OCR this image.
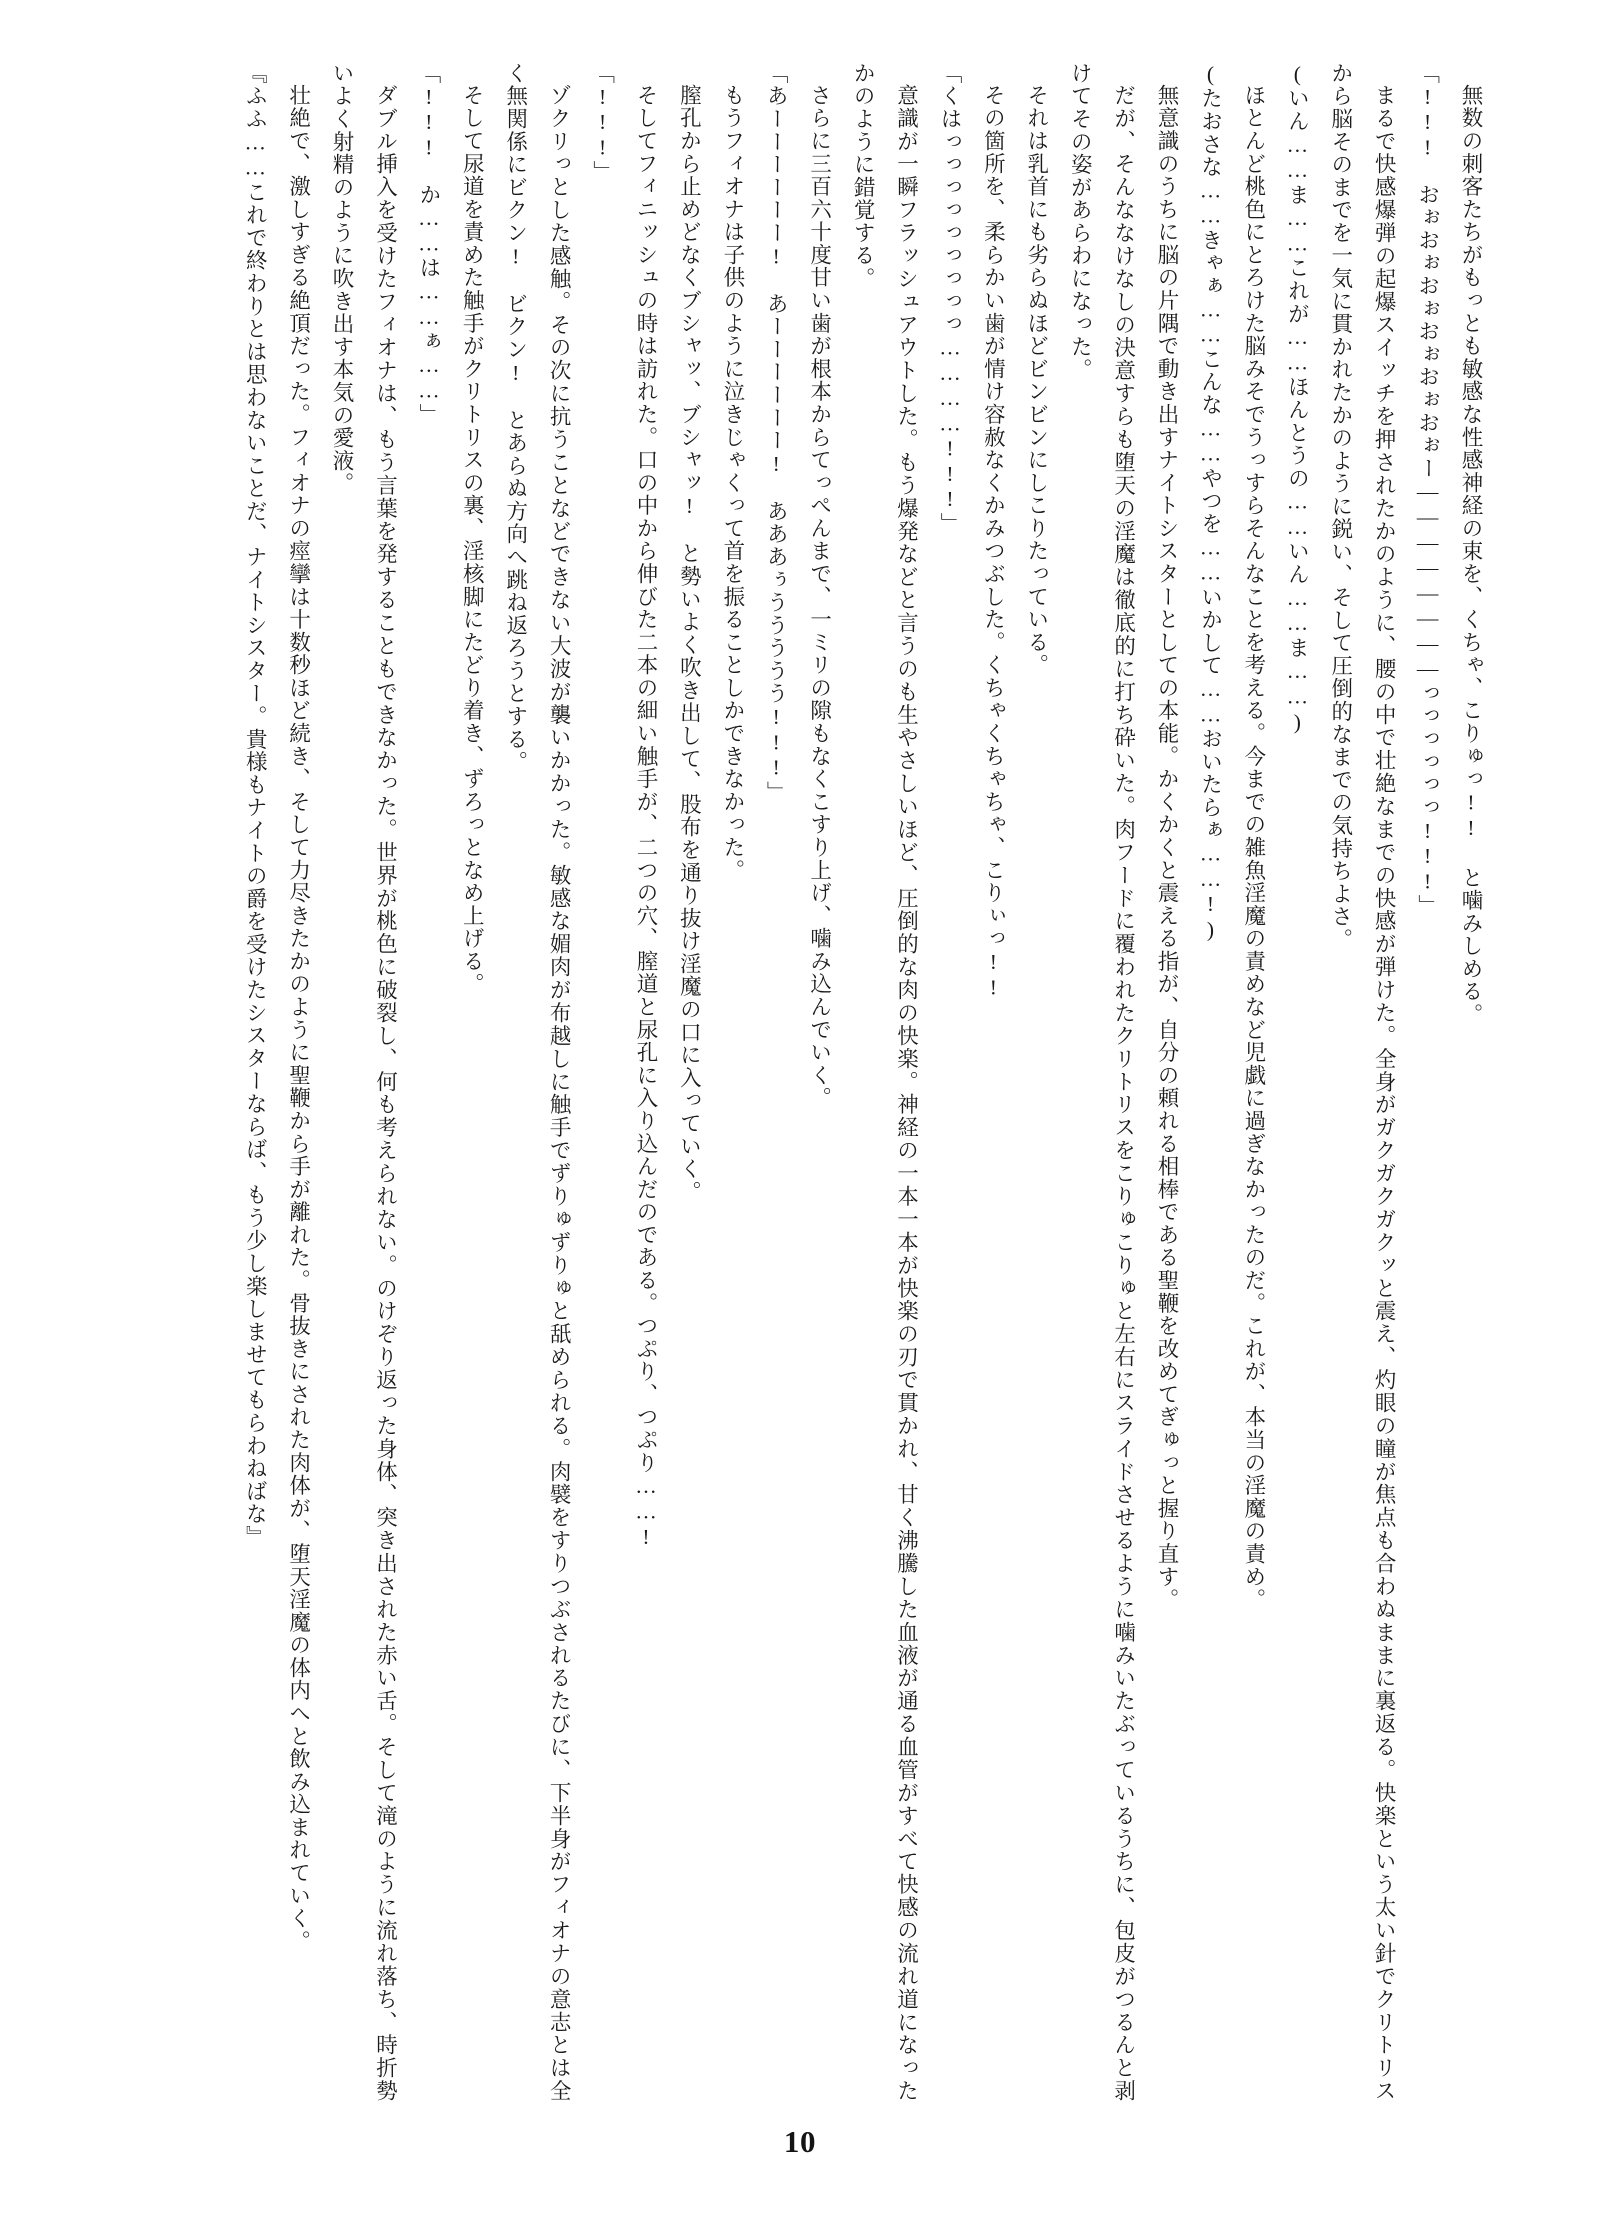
無数の刺客たちがもっとも敏感な性感神経の束を、くちゃ、こりゅっ!! と噛みしめる。

「!!!　おぉおぉおぉおぉおぉおぉー――――――――っっっっっっ!!!」

まるで快感爆弾の起爆スイッチを押されたかのように、腰の中で壮絶なまでの快感が弾けた。全身がガクガクガクッと震え、灼眼の瞳が焦点も合わぬままに裏返る。快楽という太い針でクリトリスから脳そのまでを一気に貫かれたかのように鋭い、そして圧倒的なまでの気持ちよさ。

(いん……ま……これが……ほんとうの……いん……ま……)

ほとんど桃色にとろけた脳みそでうっすらそんなことを考える。今までの雑魚淫魔の責めなど児戯に過ぎなかったのだ。これが、本当の淫魔の責め。

(たおさな……きゃぁ……こんな……やつを……いかして……おいたらぁ……!)

無意識のうちに脳の片隅で動き出すナイトシスターとしての本能。かくかくと震える指が、自分の頼れる相棒である聖鞭を改めてぎゅっと握り直す。

だが、そんななけなしの決意すらも堕天の淫魔は徹底的に打ち砕いた。肉フードに覆われたクリトリスをこりゅこりゅと左右にスライドさせるように噛みいたぶっているうちに、包皮がつるんと剥けてその姿があらわになった。

それは乳首にも劣らぬほどビンビンにしこりたっている。

その箇所を、柔らかい歯が情け容赦なくかみつぶした。くちゃくちゃちゃ、こりぃっ!!

「くはっっっっっっっっっ…………!!!」

意識が一瞬フラッシュアウトした。もう爆発などと言うのも生やさしいほど、圧倒的な肉の快楽。神経の一本一本が快楽の刃で貫かれ、甘く沸騰した血液が通る血管がすべて快感の流れ道になったかのように錯覚する。

さらに三百六十度甘い歯が根本からてっぺんまで、一ミリの隙もなくこすり上げ、噛み込んでいく。

「あーーーーーー!　あーーーーーー!　あああぅううううう!!!」

もうフィオナは子供のように泣きじゃくって首を振ることしかできなかった。

膣孔から止めどなくブシャッ、ブシャッ!　と勢いよく吹き出して、股布を通り抜け淫魔の口に入っていく。

そしてフィニッシュの時は訪れた。口の中から伸びた二本の細い触手が、二つの穴、膣道と尿孔に入り込んだのである。つぷり、つぷり……!

「!!!」

ゾクリっとした感触。その次に抗うことなどできない大波が襲いかかった。敏感な媚肉が布越しに触手でずりゅずりゅと舐められる。肉襞をすりつぶされるたびに、下半身がフィオナの意志とは全く無関係にビクン!　ビクン!　とあらぬ方向へ跳ね返ろうとする。

そして尿道を責めた触手がクリトリスの裏、淫核脚にたどり着き、ずろっとなめ上げる。

「!!!　か……は……ぁ……」

ダブル挿入を受けたフィオナは、もう言葉を発することもできなかった。世界が桃色に破裂し、何も考えられない。のけぞり返った身体、突き出された赤い舌。そして滝のように流れ落ち、時折勢いよく射精のように吹き出す本気の愛液。

壮絶で、激しすぎる絶頂だった。フィオナの痙攣は十数秒ほど続き、そして力尽きたかのように聖鞭から手が離れた。骨抜きにされた肉体が、堕天淫魔の体内へと飲み込まれていく。

『ふふ……これで終わりとは思わないことだ、ナイトシスター。貴様もナイトの爵を受けたシスターならば、もう少し楽しませてもらわねばな』

10
